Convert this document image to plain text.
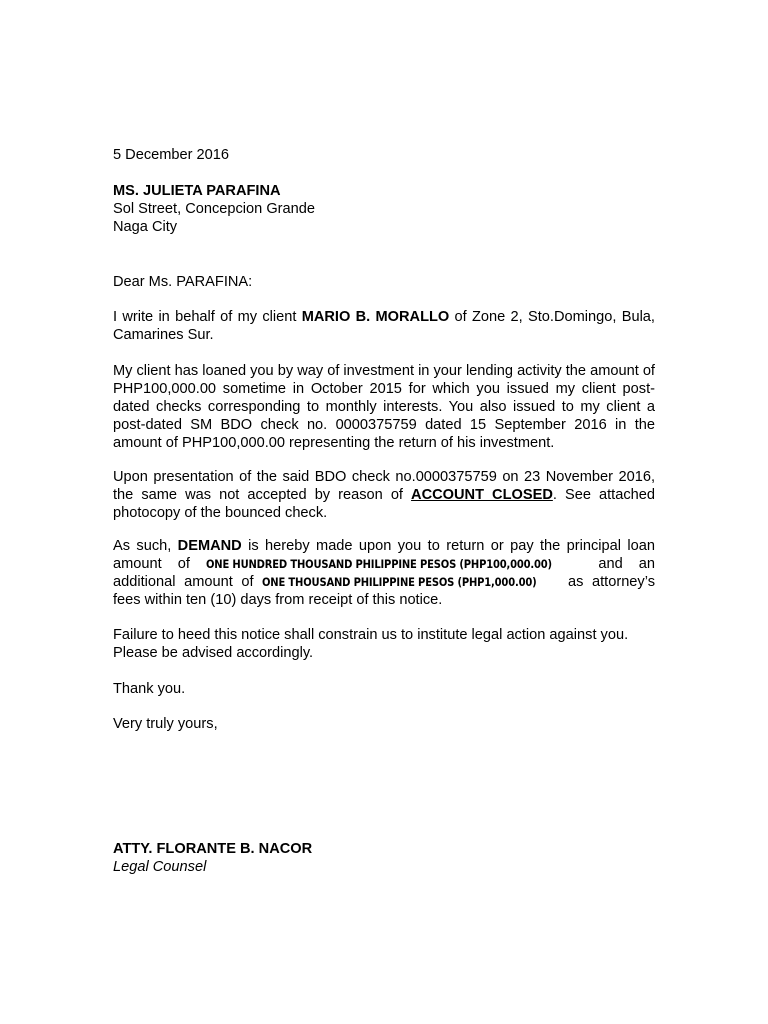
5 December 2016

MS. JULIETA PARAFINA
Sol Street, Concepcion Grande
Naga City

Dear Ms. PARAFINA:

I write in behalf of my client MARIO B. MORALLO of Zone 2, Sto.Domingo, Bula, Camarines Sur.

My client has loaned you by way of investment in your lending activity the amount of PHP100,000.00 sometime in October 2015 for which you issued my client post-dated checks corresponding to monthly interests. You also issued to my client a post-dated SM BDO check no. 0000375759 dated 15 September 2016 in the amount of PHP100,000.00 representing the return of his investment.

Upon presentation of the said BDO check no.0000375759 on 23 November 2016, the same was not accepted by reason of ACCOUNT CLOSED. See attached photocopy of the bounced check.

As such, DEMAND is hereby made upon you to return or pay the principal loan amount of ONE HUNDRED THOUSAND PHILIPPINE PESOS (PHP100,000.00) and an additional amount of ONE THOUSAND PHILIPPINE PESOS (PHP1,000.00) as attorney’s fees within ten (10) days from receipt of this notice.

Failure to heed this notice shall constrain us to institute legal action against you. Please be advised accordingly.

Thank you.

Very truly yours,

ATTY. FLORANTE B. NACOR
Legal Counsel
